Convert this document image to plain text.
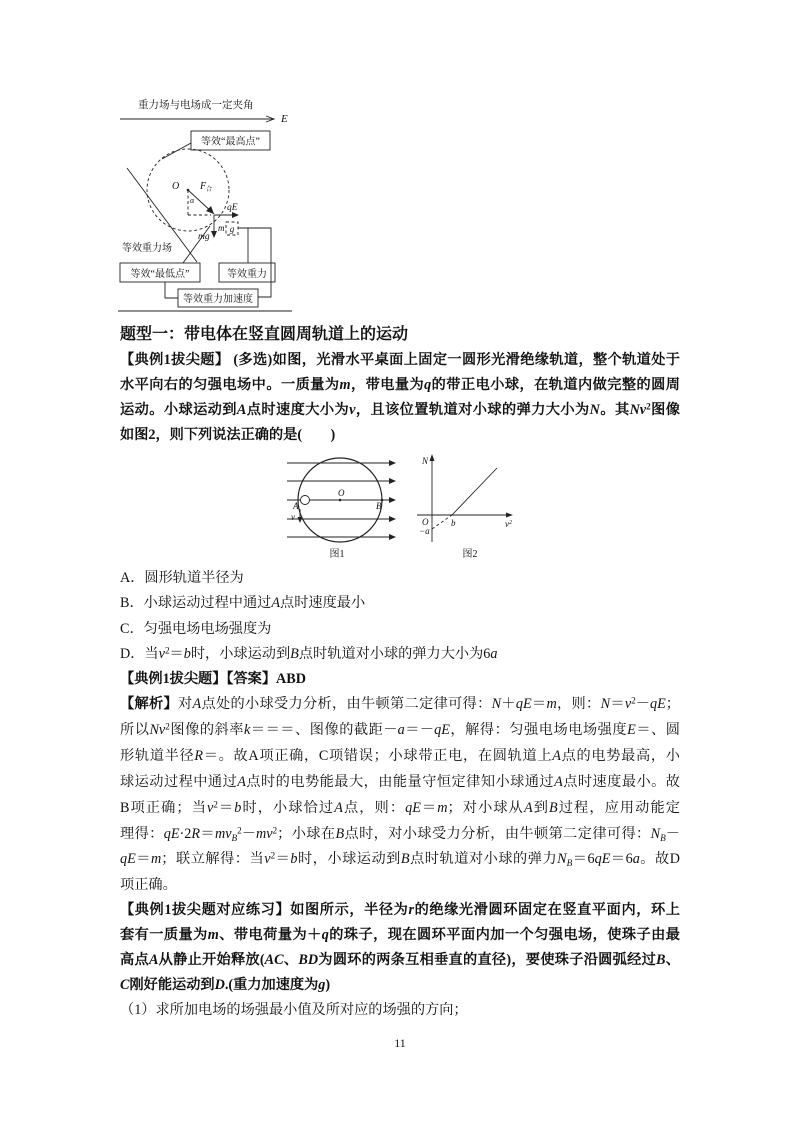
重力场与电场成一定夹角
E
等效“最高点”
O $F_合$
α
qE
mg
m g
等效重力场
等效“最低点”	等效重力
等效重力加速度
题型一：带电体在竖直圆周轨道上的运动
【典例1拔尖题】 (多选)如图，光滑水平桌面上固定一圆形光滑绝缘轨道，整个轨道处于
水平向右的匀强电场中。一质量为m，带电量为q的带正电小球，在轨道内做完整的圆周
运动。小球运动到A点时速度大小为v，且该位置轨道对小球的弹力大小为N。其Nv$^2$图像
如图2，则下列说法正确的是(　　)
A
O
B
v
图1
N
$v^2$
O	b
−a
图2
A．圆形轨道半径为
B．小球运动过程中通过A点时速度最小
C．匀强电场电场强度为
D．当$v^2=b$时，小球运动到B点时轨道对小球的弹力大小为6a
【典例1拔尖题】【答案】ABD
【解析】对A点处的小球受力分析，由牛顿第二定律可得：N＋qE＝m，则：$N=v^2-qE$；
所以Nv$^2$图像的斜率k＝＝＝、图像的截距－a＝－qE，解得：匀强电场电场强度E＝、圆
形轨道半径R＝。故A项正确，C项错误；小球带正电，在圆轨道上A点的电势最高，小
球运动过程中通过A点时的电势能最大，由能量守恒定律知小球通过A点时速度最小。故
B项正确；当$v^2=b$时，小球恰过A点，则：qE＝m；对小球从A到B过程，应用动能定
理得：$qE\cdot 2R=mv_B^2-mv^2$；小球在B点时，对小球受力分析，由牛顿第二定律可得：$N_B-$
qE＝m；联立解得：当$v^2=b$时，小球运动到B点时轨道对小球的弹力$N_B=6qE=6a$。故D
项正确。
【典例1拔尖题对应练习】如图所示，半径为r的绝缘光滑圆环固定在竖直平面内，环上
套有一质量为m、带电荷量为＋q的珠子，现在圆环平面内加一个匀强电场，使珠子由最
高点A从静止开始释放(AC、BD为圆环的两条互相垂直的直径)，要使珠子沿圆弧经过B、
C刚好能运动到D.(重力加速度为g)
（1）求所加电场的场强最小值及所对应的场强的方向；
11
